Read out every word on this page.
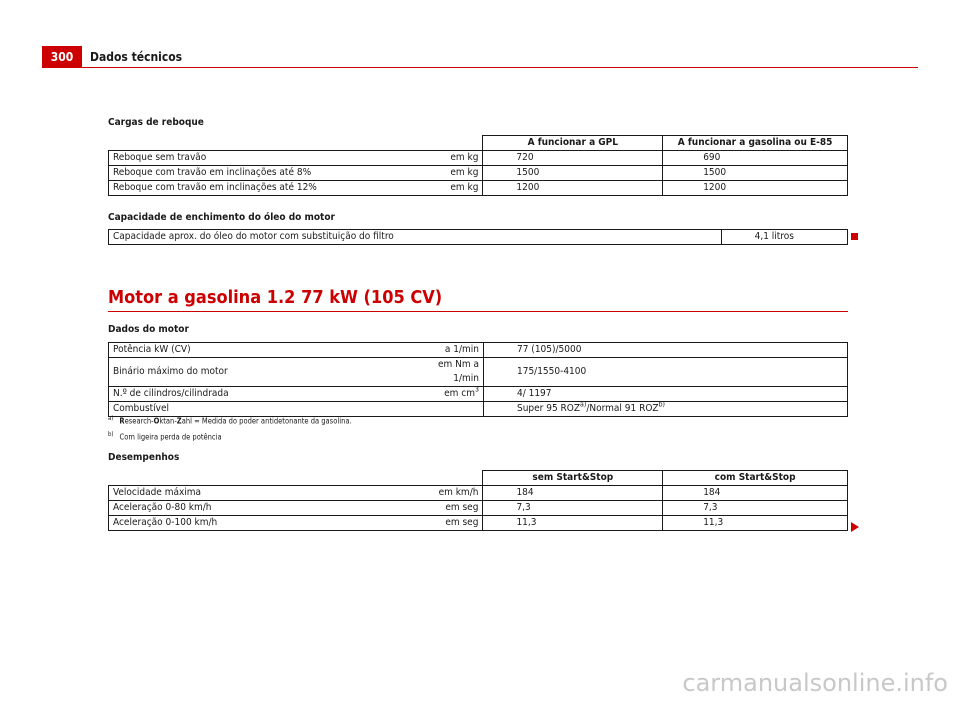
300	Dados técnicos
Cargas de reboque
		A funcionar a GPL	A funcionar a gasolina ou E-85
Reboque sem travão	em kg	720	690
Reboque com travão em inclinações até 8%	em kg	1500	1500
Reboque com travão em inclinações até 12%	em kg	1200	1200
Capacidade de enchimento do óleo do motor
Capacidade aprox. do óleo do motor com substituição do filtro	4,1 litros
Motor a gasolina 1.2 77 kW (105 CV)
Dados do motor
Potência kW (CV)	a 1/min	77 (105)/5000
Binário máximo do motor	em Nm a 1/min	175/1550-4100
N.º de cilindros/cilindrada	em $cm^3$	4/ 1197
Combustível		Super 95 ROZ$^{a)}$/Normal 91 ROZ$^{b)}$
$^{a)}$ Research-Oktan-Zahl = Medida do poder antidetonante da gasolina.
$^{b)}$ Com ligeira perda de potência
Desempenhos
		sem Start&Stop	com Start&Stop
Velocidade máxima	em km/h	184	184
Aceleração 0-80 km/h	em seg	7,3	7,3
Aceleração 0-100 km/h	em seg	11,3	11,3
carmanualsonline.info
